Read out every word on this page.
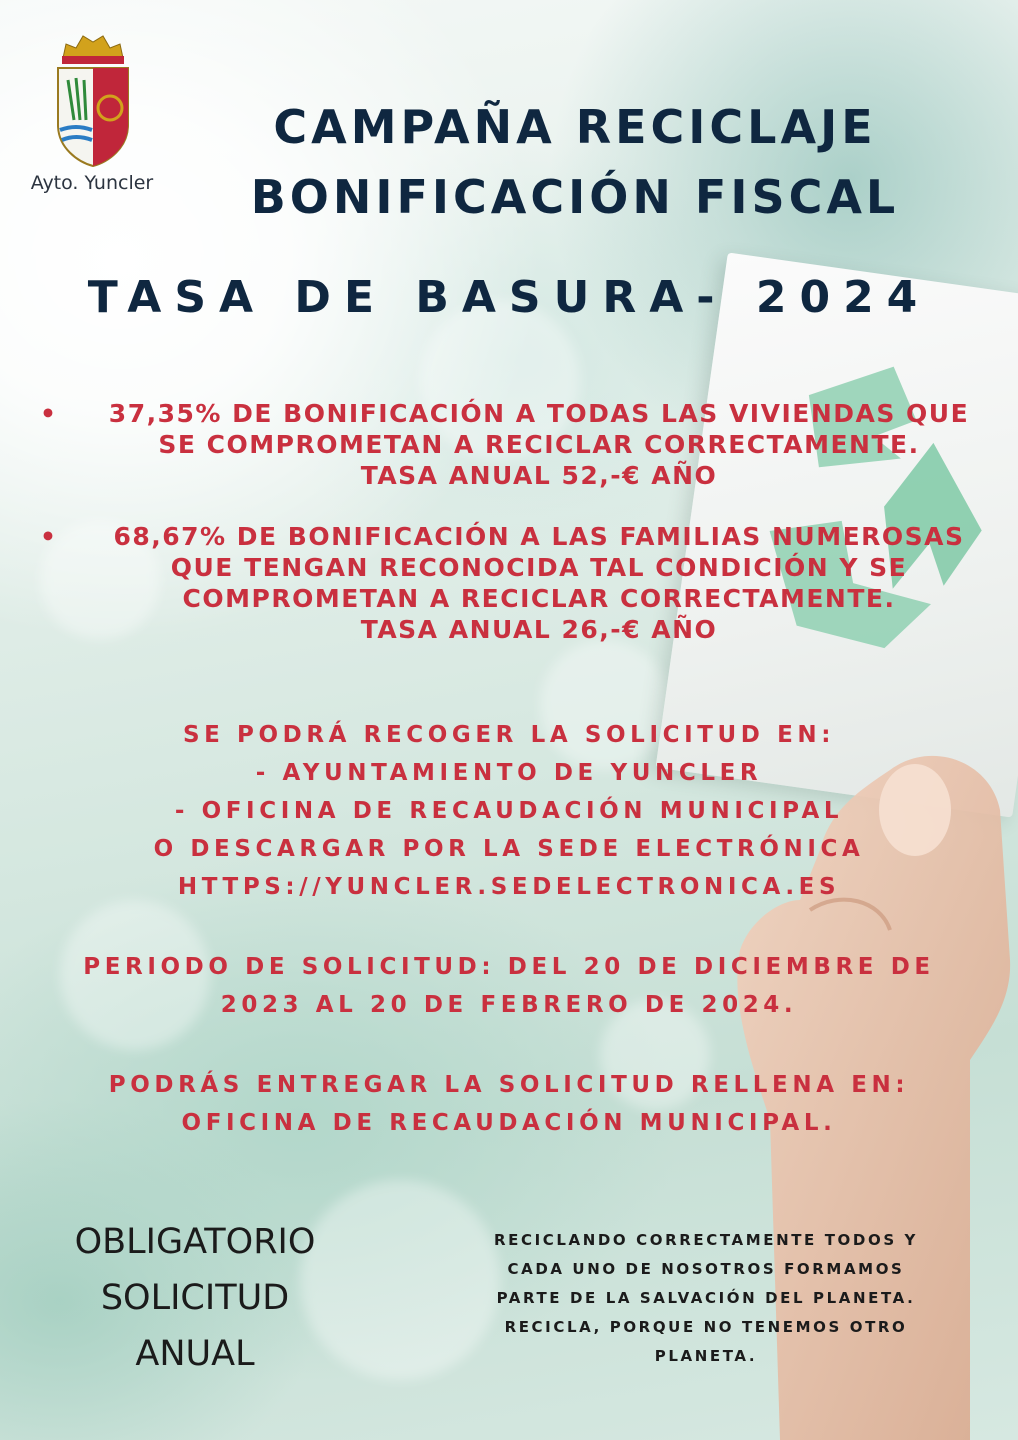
Ayto. Yuncler
CAMPAÑA RECICLAJE
BONIFICACIÓN FISCAL
TASA DE BASURA- 2024
•	37,35% DE BONIFICACIÓN A TODAS LAS VIVIENDAS QUE
SE COMPROMETAN A RECICLAR CORRECTAMENTE.
TASA ANUAL 52,-€ AÑO
•	68,67% DE BONIFICACIÓN A LAS FAMILIAS NUMEROSAS
QUE TENGAN RECONOCIDA TAL CONDICIÓN Y SE
COMPROMETAN A RECICLAR CORRECTAMENTE.
TASA ANUAL 26,-€ AÑO
SE PODRÁ RECOGER LA SOLICITUD EN:
- AYUNTAMIENTO DE YUNCLER
- OFICINA DE RECAUDACIÓN MUNICIPAL
O DESCARGAR POR LA SEDE ELECTRÓNICA
HTTPS://YUNCLER.SEDELECTRONICA.ES
PERIODO DE SOLICITUD: DEL 20 DE DICIEMBRE DE
2023 AL 20 DE FEBRERO DE 2024.
PODRÁS ENTREGAR LA SOLICITUD RELLENA EN:
OFICINA DE RECAUDACIÓN MUNICIPAL.
OBLIGATORIO
SOLICITUD
ANUAL
RECICLANDO CORRECTAMENTE TODOS Y
CADA UNO DE NOSOTROS FORMAMOS
PARTE DE LA SALVACIÓN DEL PLANETA.
RECICLA, PORQUE NO TENEMOS OTRO
PLANETA.
